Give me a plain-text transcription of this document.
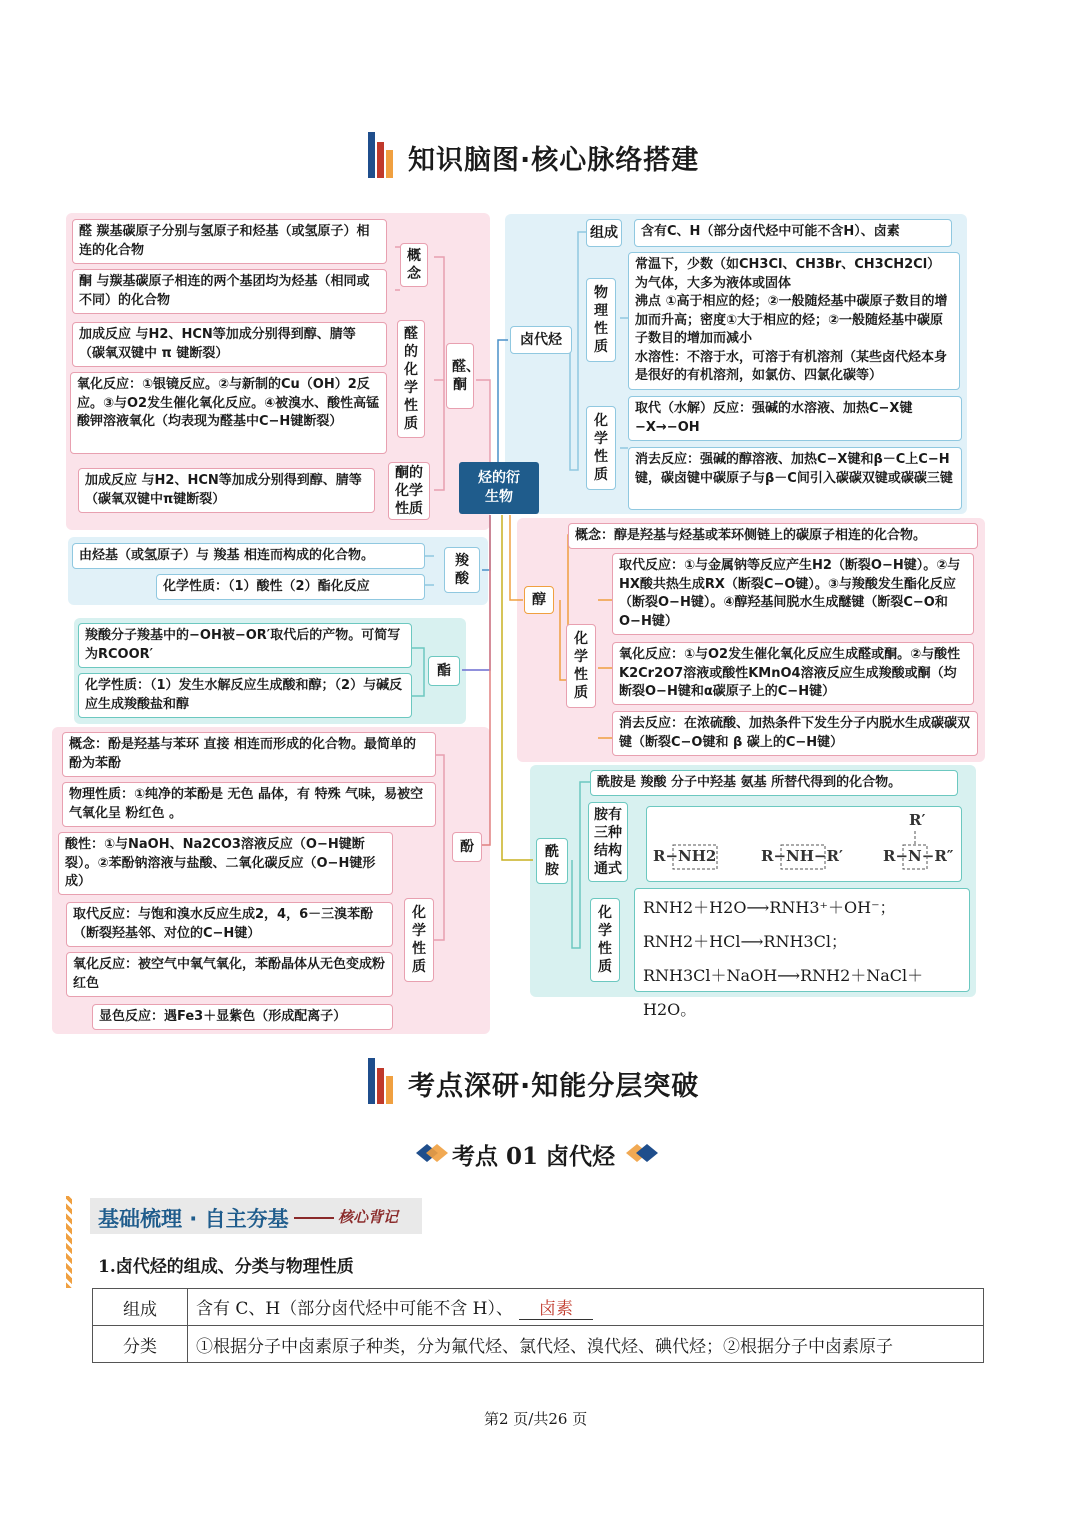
知识脑图·核心脉络搭建
烃的衍生物
醛 羰基碳原子分别与氢原子和烃基（或氢原子）相连的化合物
酮 与羰基碳原子相连的两个基团均为烃基（相同或不同）的化合物
概念
加成反应 与H2、HCN等加成分别得到醇、腈等（碳氧双键中 π 键断裂）
氧化反应：①银镜反应。②与新制的Cu（OH）2反应。③与O2发生催化氧化反应。④被溴水、酸性高锰酸钾溶液氧化（均表现为醛基中C−H键断裂）
醛的化学性质
加成反应 与H2、HCN等加成分别得到醇、腈等（碳氧双键中π键断裂）
酮的化学性质
醛、酮
由烃基（或氢原子）与 羧基 相连而构成的化合物。
化学性质：（1）酸性（2）酯化反应
羧酸
羧酸分子羧基中的−OH被−OR′取代后的产物。可简写为RCOOR′
化学性质：（1）发生水解反应生成酸和醇；（2）与碱反应生成羧酸盐和醇
酯
概念：酚是羟基与苯环 直接 相连而形成的化合物。最简单的酚为苯酚
物理性质：①纯净的苯酚是 无色 晶体，有 特殊 气味，易被空气氧化呈 粉红色 。
酸性：①与NaOH、Na2CO3溶液反应（O−H键断裂）。②苯酚钠溶液与盐酸、二氧化碳反应（O−H键形成）
取代反应：与饱和溴水反应生成2，4，6－三溴苯酚（断裂羟基邻、对位的C−H键）
氧化反应：被空气中氧气氧化，苯酚晶体从无色变成粉红色
显色反应：遇Fe3＋显紫色（形成配离子）
化学性质
酚
卤代烃
组成	含有C、H（部分卤代烃中可能不含H）、卤素
物理性质
常温下，少数（如CH3Cl、CH3Br、CH3CH2Cl）为气体，大多为液体或固体
沸点 ①高于相应的烃；②一般随烃基中碳原子数目的增加而升高；密度①大于相应的烃；②一般随烃基中碳原子数目的增加而减小
水溶性：不溶于水，可溶于有机溶剂（某些卤代烃本身是很好的有机溶剂，如氯仿、四氯化碳等）
化学性质
取代（水解）反应：强碱的水溶液、加热C−X键−X→−OH
消去反应：强碱的醇溶液、加热C−X键和β－C上C−H键，碳卤键中碳原子与β－C间引入碳碳双键或碳碳三键
醇
概念：醇是羟基与烃基或苯环侧链上的碳原子相连的化合物。
化学性质
取代反应：①与金属钠等反应产生H2（断裂O−H键）。②与HX酸共热生成RX（断裂C−O键）。③与羧酸发生酯化反应（断裂O−H键）。④醇羟基间脱水生成醚键（断裂C−O和O−H键）
氧化反应：①与O2发生催化氧化反应生成醛或酮。②与酸性K2Cr2O7溶液或酸性KMnO4溶液反应生成羧酸或酮（均断裂O−H键和α碳原子上的C−H键）
消去反应：在浓硫酸、加热条件下发生分子内脱水生成碳碳双键（断裂C−O键和 β 碳上的C−H键）
酰胺
酰胺是 羧酸 分子中羟基 氨基 所替代得到的化合物。
胺有三种结构通式
R−NH2	R−NH−R′	R−N−R″
R′
化学性质
RNH2＋H2O⟶RNH3⁺＋OH⁻；
RNH2＋HCl⟶RNH3Cl；
RNH3Cl＋NaOH⟶RNH2＋NaCl＋H2O。
考点深研·知能分层突破
考点 01 卤代烃
基础梳理 · 自主夯基	核心背记
1.卤代烃的组成、分类与物理性质
组成	含有 C、H（部分卤代烃中可能不含 H）、 卤素
分类	①根据分子中卤素原子种类，分为氟代烃、氯代烃、溴代烃、碘代烃；②根据分子中卤素原子
第2 页/共26 页
